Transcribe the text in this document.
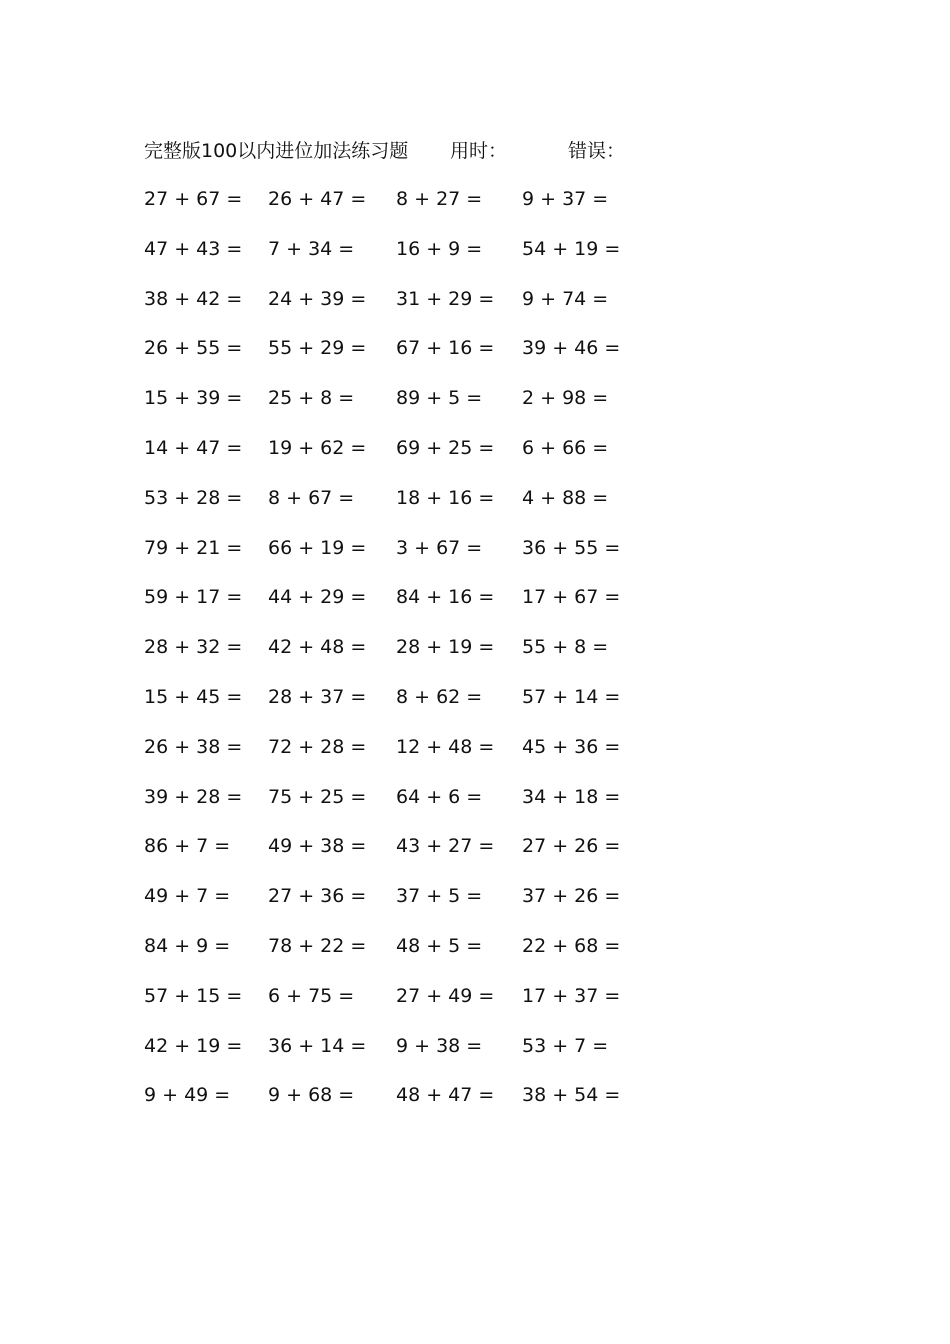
完整版100以内进位加法练习题 用时：	错误：
27 + 67 =
47 + 43 =
38 + 42 =
26 + 55 =
15 + 39 =
14 + 47 =
53 + 28 =
79 + 21 =
59 + 17 =
28 + 32 =
15 + 45 =
26 + 38 =
39 + 28 =
86 + 7 =
49 + 7 =
84 + 9 =
57 + 15 =
42 + 19 =
9 + 49 =
26 + 47 =
7 + 34 =
24 + 39 =
55 + 29 =
25 + 8 =
19 + 62 =
8 + 67 =
66 + 19 =
44 + 29 =
42 + 48 =
28 + 37 =
72 + 28 =
75 + 25 =
49 + 38 =
27 + 36 =
78 + 22 =
6 + 75 =
36 + 14 =
9 + 68 =
8 + 27 =
16 + 9 =
31 + 29 =
67 + 16 =
89 + 5 =
69 + 25 =
18 + 16 =
3 + 67 =
84 + 16 =
28 + 19 =
8 + 62 =
12 + 48 =
64 + 6 =
43 + 27 =
37 + 5 =
48 + 5 =
27 + 49 =
9 + 38 =
48 + 47 =
9 + 37 =
54 + 19 =
9 + 74 =
39 + 46 =
2 + 98 =
6 + 66 =
4 + 88 =
36 + 55 =
17 + 67 =
55 + 8 =
57 + 14 =
45 + 36 =
34 + 18 =
27 + 26 =
37 + 26 =
22 + 68 =
17 + 37 =
53 + 7 =
38 + 54 =
